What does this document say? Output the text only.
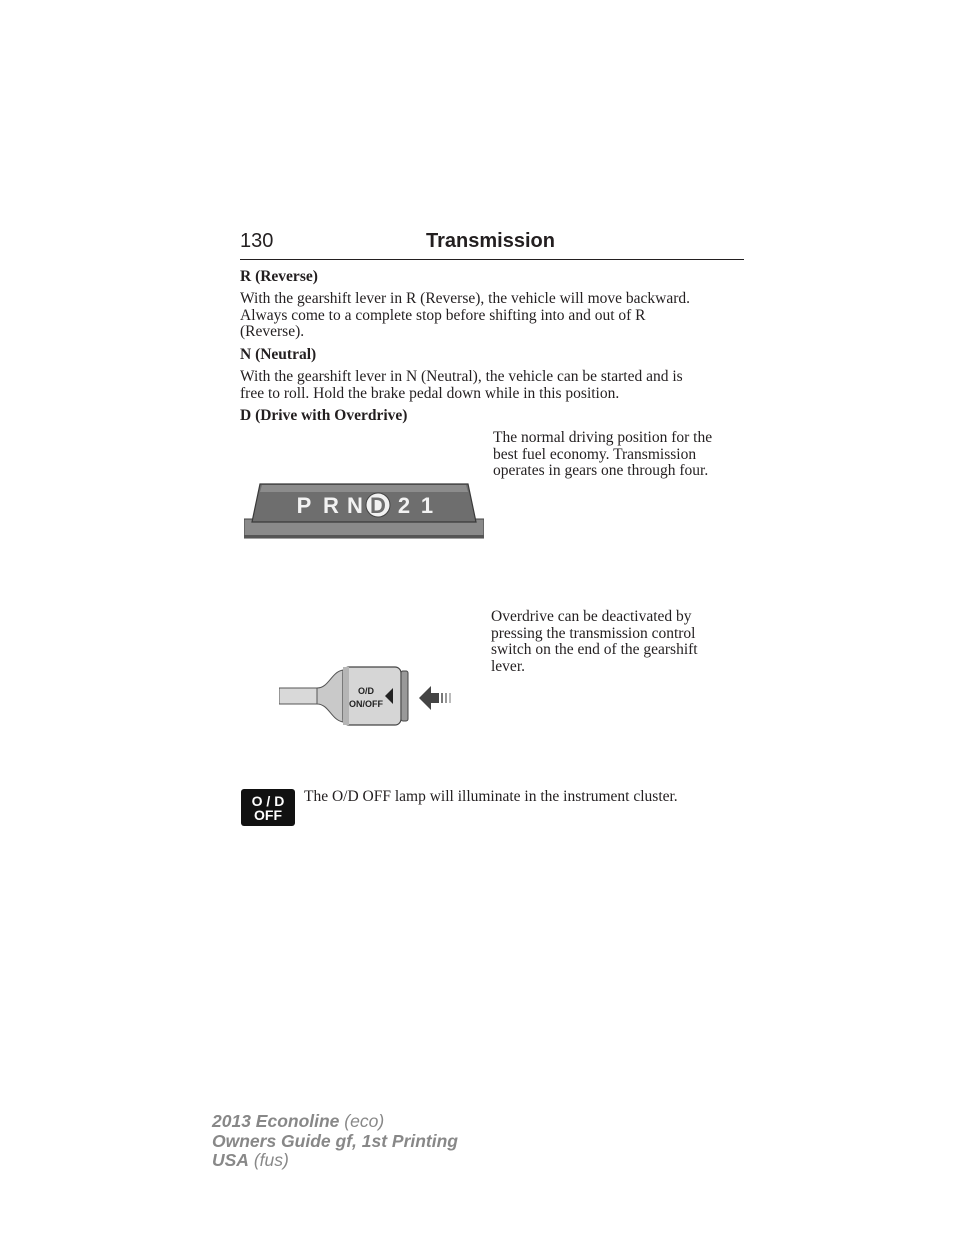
130	Transmission
R (Reverse)
With the gearshift lever in R (Reverse), the vehicle will move backward.
Always come to a complete stop before shifting into and out of R
(Reverse).
N (Neutral)
With the gearshift lever in N (Neutral), the vehicle can be started and is
free to roll. Hold the brake pedal down while in this position.
D (Drive with Overdrive)
The normal driving position for the
best fuel economy. Transmission
operates in gears one through four.
P R N D 2 1
Overdrive can be deactivated by
pressing the transmission control
switch on the end of the gearshift
lever.
O/D
ON/OFF
O / D
OFF
The O/D OFF lamp will illuminate in the instrument cluster.
2013 Econoline (eco)
Owners Guide gf, 1st Printing
USA (fus)
